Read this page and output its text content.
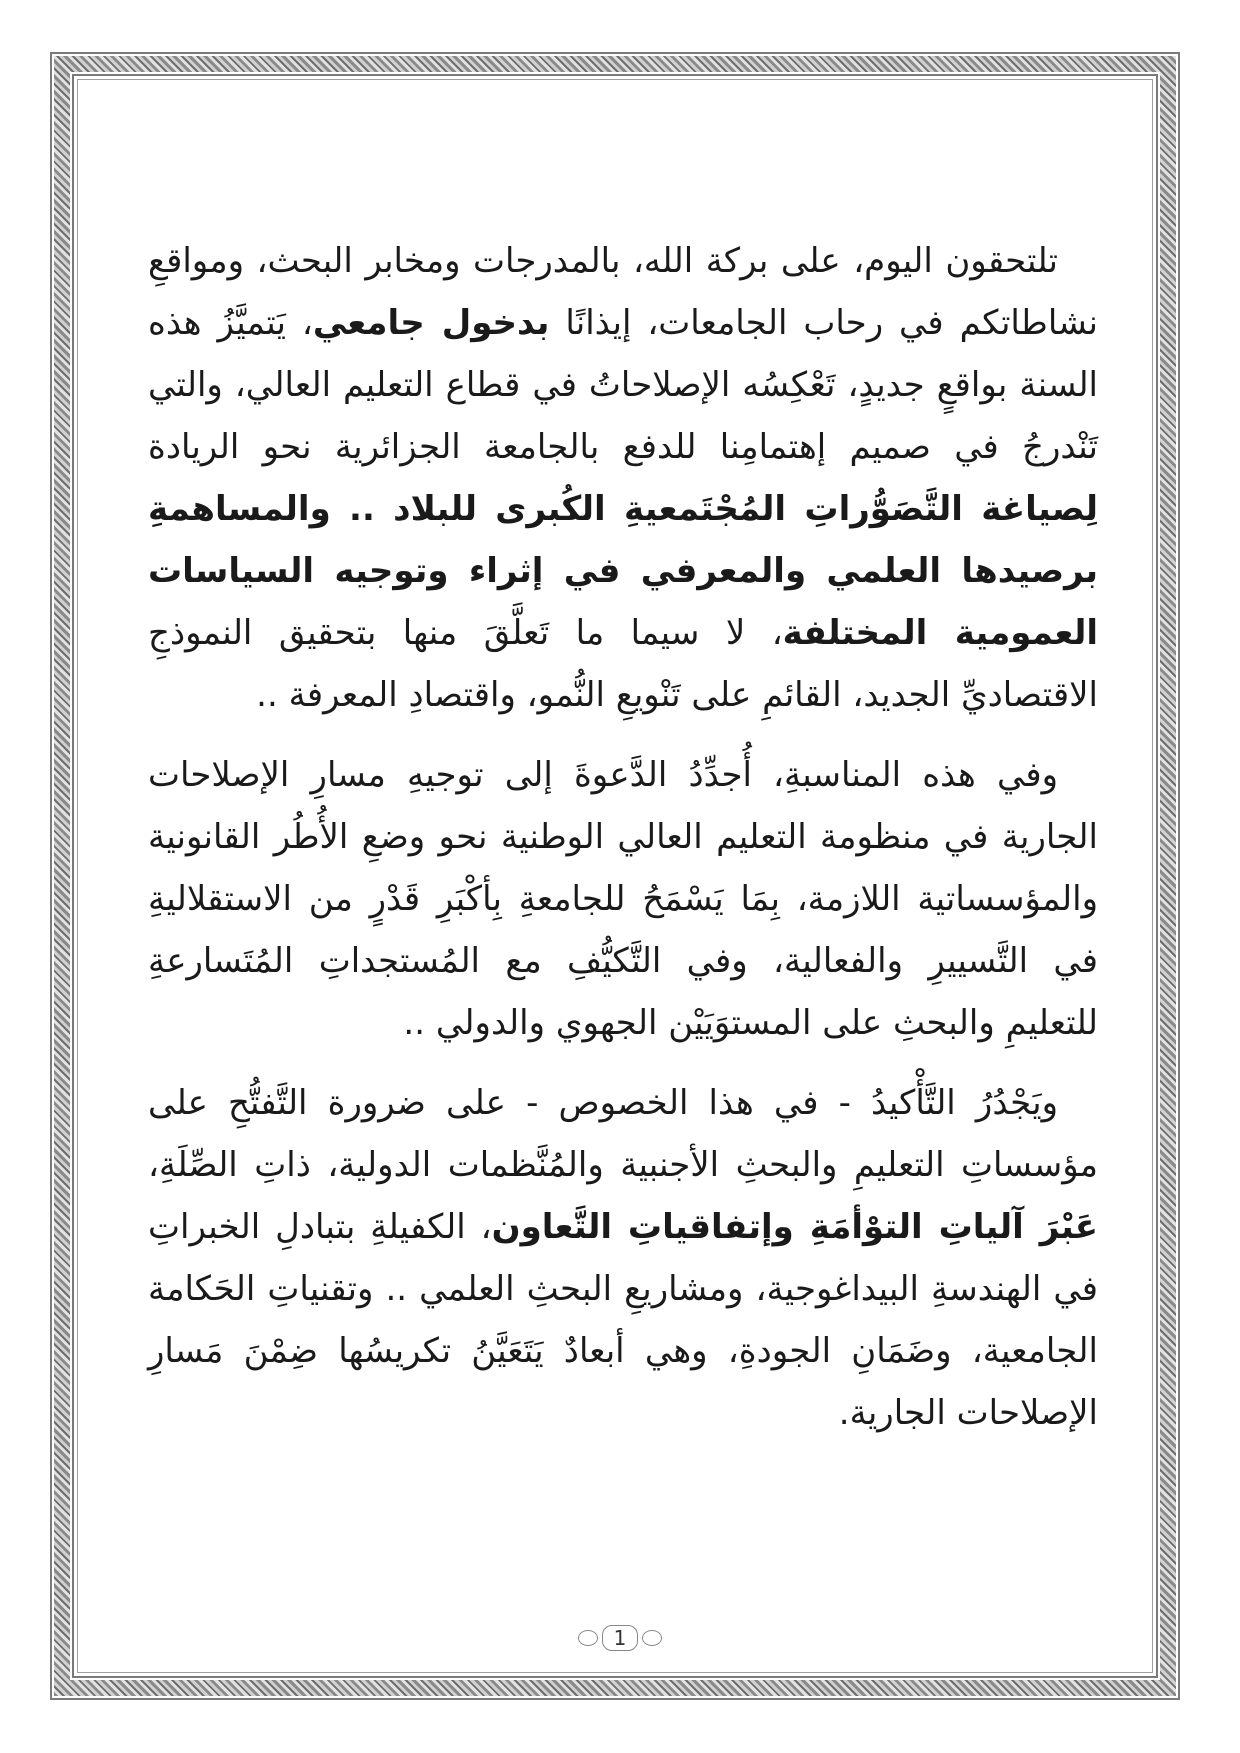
تلتحقون اليوم، على بركة الله، بالمدرجات ومخابر البحث، ومواقعِ نشاطاتكم في رحاب الجامعات، إيذانًا بدخول جامعي، يَتميَّزُ هذه السنة بواقعٍ جديدٍ، تَعْكِسُه الإصلاحاتُ في قطاع التعليم العالي، والتي تَنْدرجُ في صميم إهتمامِنا للدفع بالجامعة الجزائرية نحو الريادة لِصياغة التَّصَوُّراتِ المُجْتَمعيةِ الكُبرى للبلاد .. والمساهمةِ برصيدها العلمي والمعرفي في إثراء وتوجيه السياسات العمومية المختلفة، لا سيما ما تَعلَّقَ منها بتحقيق النموذجِ الاقتصاديِّ الجديد، القائمِ على تَنْويعِ النُّمو، واقتصادِ المعرفة ..

وفي هذه المناسبةِ، أُجدِّدُ الدَّعوةَ إلى توجيهِ مسارِ الإصلاحات الجارية في منظومة التعليم العالي الوطنية نحو وضعِ الأُطُر القانونية والمؤسساتية اللازمة، بِمَا يَسْمَحُ للجامعةِ بِأكْبَرِ قَدْرٍ من الاستقلاليةِ في التَّسييرِ والفعالية، وفي التَّكيُّفِ مع المُستجداتِ المُتَسارعةِ للتعليمِ والبحثِ على المستوَيَيْن الجهوي والدولي ..

ويَجْدُرُ التَّأْكيدُ - في هذا الخصوص - على ضرورة التَّفتُّحِ على مؤسساتِ التعليمِ والبحثِ الأجنبية والمُنَّظمات الدولية، ذاتِ الصِّلَةِ، عَبْرَ آلياتِ التوْأمَةِ وإتفاقياتِ التَّعاون، الكفيلةِ بتبادلِ الخبراتِ في الهندسةِ البيداغوجية، ومشاريعِ البحثِ العلمي .. وتقنياتِ الحَكامة الجامعية، وضَمَانِ الجودةِ، وهي أبعادٌ يَتَعَيَّنُ تكريسُها ضِمْنَ مَسارِ الإصلاحات الجارية.

1
